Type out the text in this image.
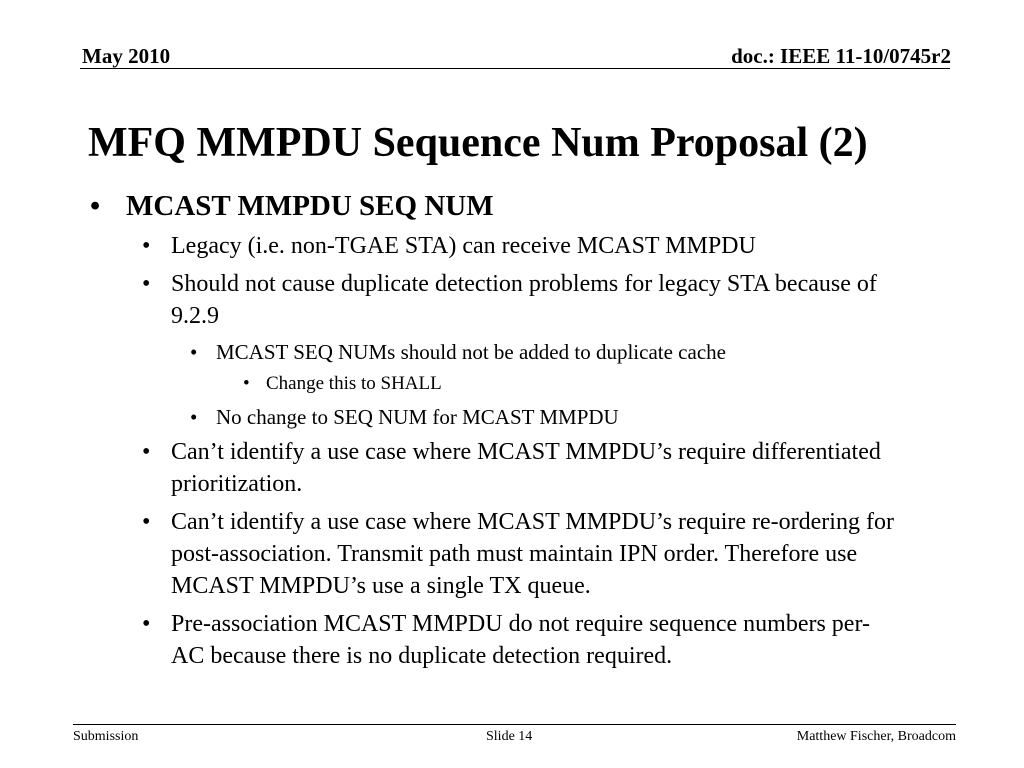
May 2010	doc.: IEEE 11-10/0745r2
MFQ MMPDU Sequence Num Proposal (2)

• MCAST MMPDU SEQ NUM

• Legacy (i.e. non-TGAE STA) can receive MCAST MMPDU

• Should not cause duplicate detection problems for legacy STA because of 9.2.9

• MCAST SEQ NUMs should not be added to duplicate cache

• Change this to SHALL

• No change to SEQ NUM for MCAST MMPDU

• Can’t identify a use case where MCAST MMPDU’s require differentiated prioritization.

• Can’t identify a use case where MCAST MMPDU’s require re-ordering for post-association. Transmit path must maintain IPN order. Therefore use MCAST MMPDU’s use a single TX queue.

• Pre-association MCAST MMPDU do not require sequence numbers per-AC because there is no duplicate detection required.

Submission	Slide 14	Matthew Fischer, Broadcom
